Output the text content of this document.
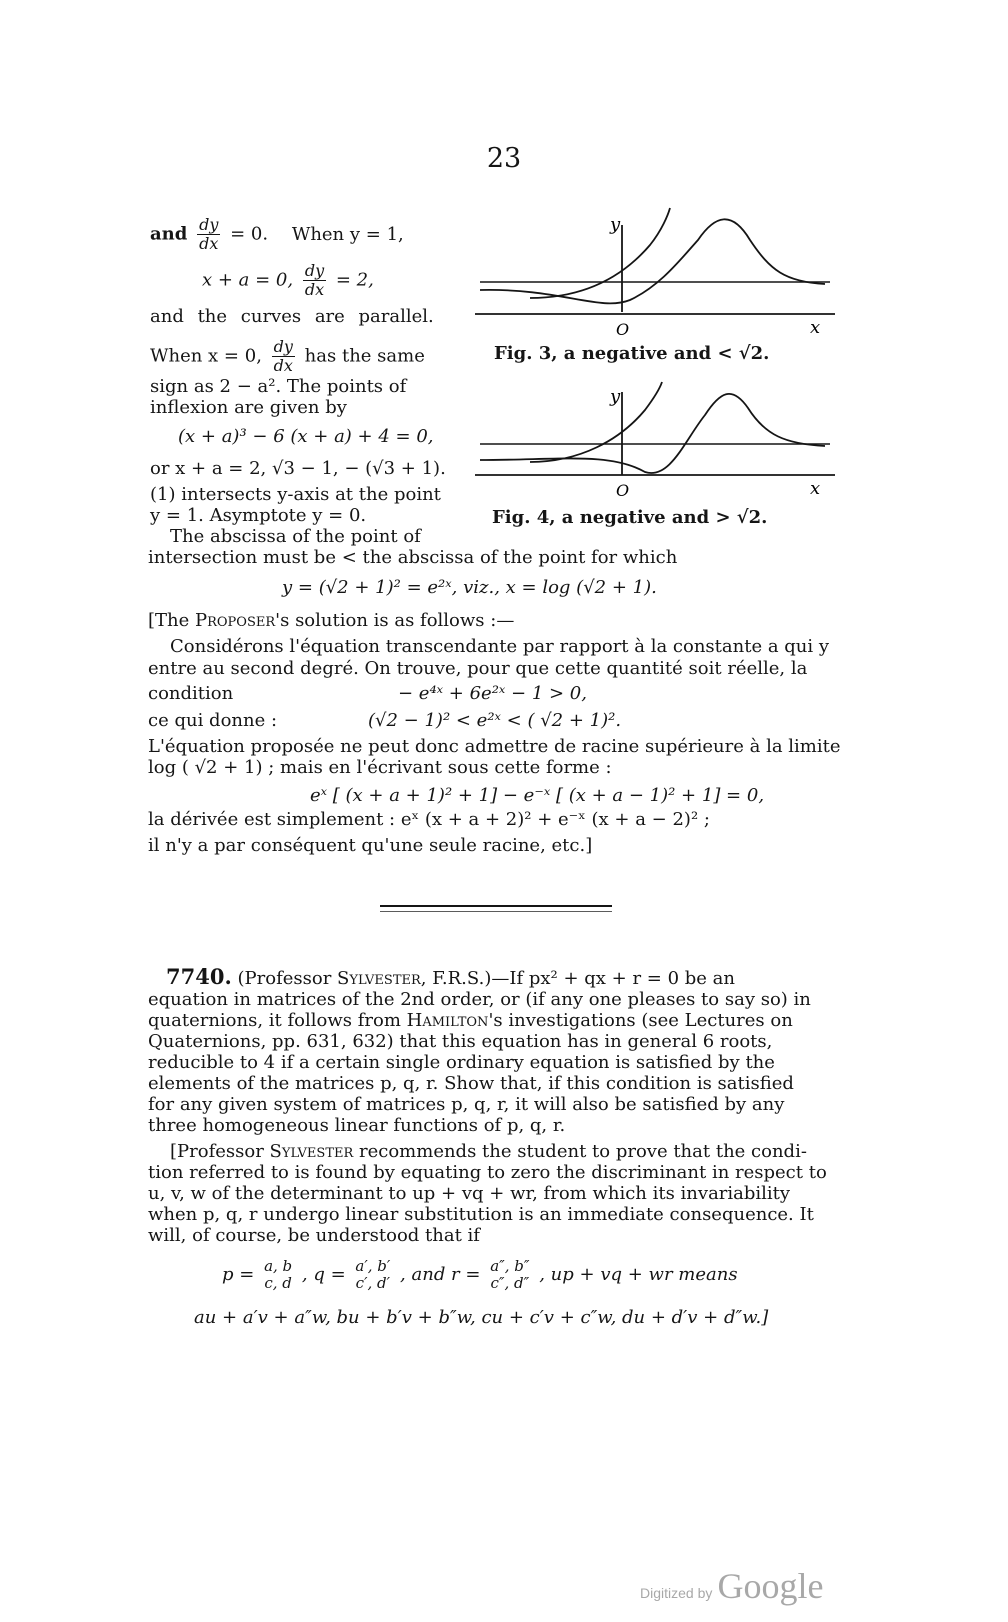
23
and $\frac{dy}{dx} = 0$. When y = 1,
x + a = 0, $\frac{dy}{dx} = 2$,
and the curves are parallel.
When x = 0, $\frac{dy}{dx}$ has the same
sign as 2 − a². The points of
inflexion are given by
(x + a)³ − 6 (x + a) + 4 = 0,
or x + a = 2, √3 − 1, − (√3 + 1).
(1) intersects y-axis at the point
y = 1. Asymptote y = 0.
The abscissa of the point of
y
O	x
Fig. 3, a negative and < √2.
y
O	x
Fig. 4, a negative and > √2.
intersection must be < the abscissa of the point for which
y = (√2 + 1)² = e²ˣ, viz., x = log (√2 + 1).
[The Proposer's solution is as follows :—
Considérons l'équation transcendante par rapport à la constante a qui y
entre au second degré. On trouve, pour que cette quantité soit réelle, la
condition	− e⁴ˣ + 6e²ˣ − 1 > 0,
ce qui donne :	(√2 − 1)² < e²ˣ < ( √2 + 1)².
L'équation proposée ne peut donc admettre de racine supérieure à la limite
log ( √2 + 1) ; mais en l'écrivant sous cette forme :
eˣ [ (x + a + 1)² + 1] − e⁻ˣ [ (x + a − 1)² + 1] = 0,
la dérivée est simplement : eˣ (x + a + 2)² + e⁻ˣ (x + a − 2)² ;
il n'y a par conséquent qu'une seule racine, etc.]
7740. (Professor Sylvester, F.R.S.)—If px² + qx + r = 0 be an
equation in matrices of the 2nd order, or (if any one pleases to say so) in
quaternions, it follows from Hamilton's investigations (see Lectures on
Quaternions, pp. 631, 632) that this equation has in general 6 roots,
reducible to 4 if a certain single ordinary equation is satisfied by the
elements of the matrices p, q, r. Show that, if this condition is satisfied
for any given system of matrices p, q, r, it will also be satisfied by any
three homogeneous linear functions of p, q, r.
[Professor Sylvester recommends the student to prove that the condi-
tion referred to is found by equating to zero the discriminant in respect to
u, v, w of the determinant to up + vq + wr, from which its invariability
when p, q, r undergo linear substitution is an immediate consequence. It
will, of course, be understood that if
p = a, b
c, d , q = a′, b′
c′, d′ , and r = a″, b″
c″, d″ , up + vq + wr means
au + a′v + a″w, bu + b′v + b″w, cu + c′v + c″w, du + d′v + d″w.]
Digitized by Google
